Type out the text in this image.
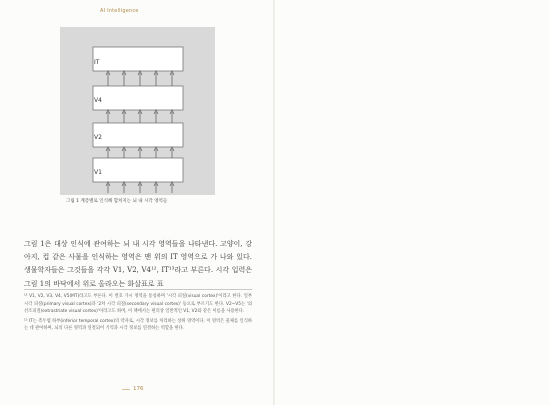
AI Intelligence
IT
V4
V2
V1
그림 1 계층별로 인식해 합쳐지는 뇌 내 시각 영역들

그림 1은 대상 인식에 관여하는 뇌 내 시각 영역들을 나타낸다. 고양이, 강아지, 컵 같은 사물을 인식하는 영역은 맨 위의 IT 영역으로 가 나와 있다. 생물학자들은 그것들을 각각 V1, V2, V4¹², IT¹³라고 부른다. 시각 입력은 그림 1의 바닥에서 위로 올라오는 화살표로 표

¹² V1, V2, V3, V4, V5(MT)라고도 부른다. 이 번호 가시 영역을 통칭하며 '시각 피질(visual cortex)'이라고 한다. 일부 시각 피질(primary visual cortex)과 '2차 시각 피질(secondary visual cortex)' 등으로 부르기도 한다. V2~V5는 '외선조피질(extrastriate visual cortex)'이라고도 하며, 이 책에서는 편의상 일반적인 V1, V2와 같은 이름을 사용한다.

¹³ IT는 측두엽 하부(inferior temporal cortex)의 약자로, 시각 정보를 처리하는 상위 영역이다. 이 영역은 물체를 인식하는 데 관여하며, 뇌의 다른 영역과 연결되어 기억과 시각 정보를 연결하는 역할을 한다.

176
